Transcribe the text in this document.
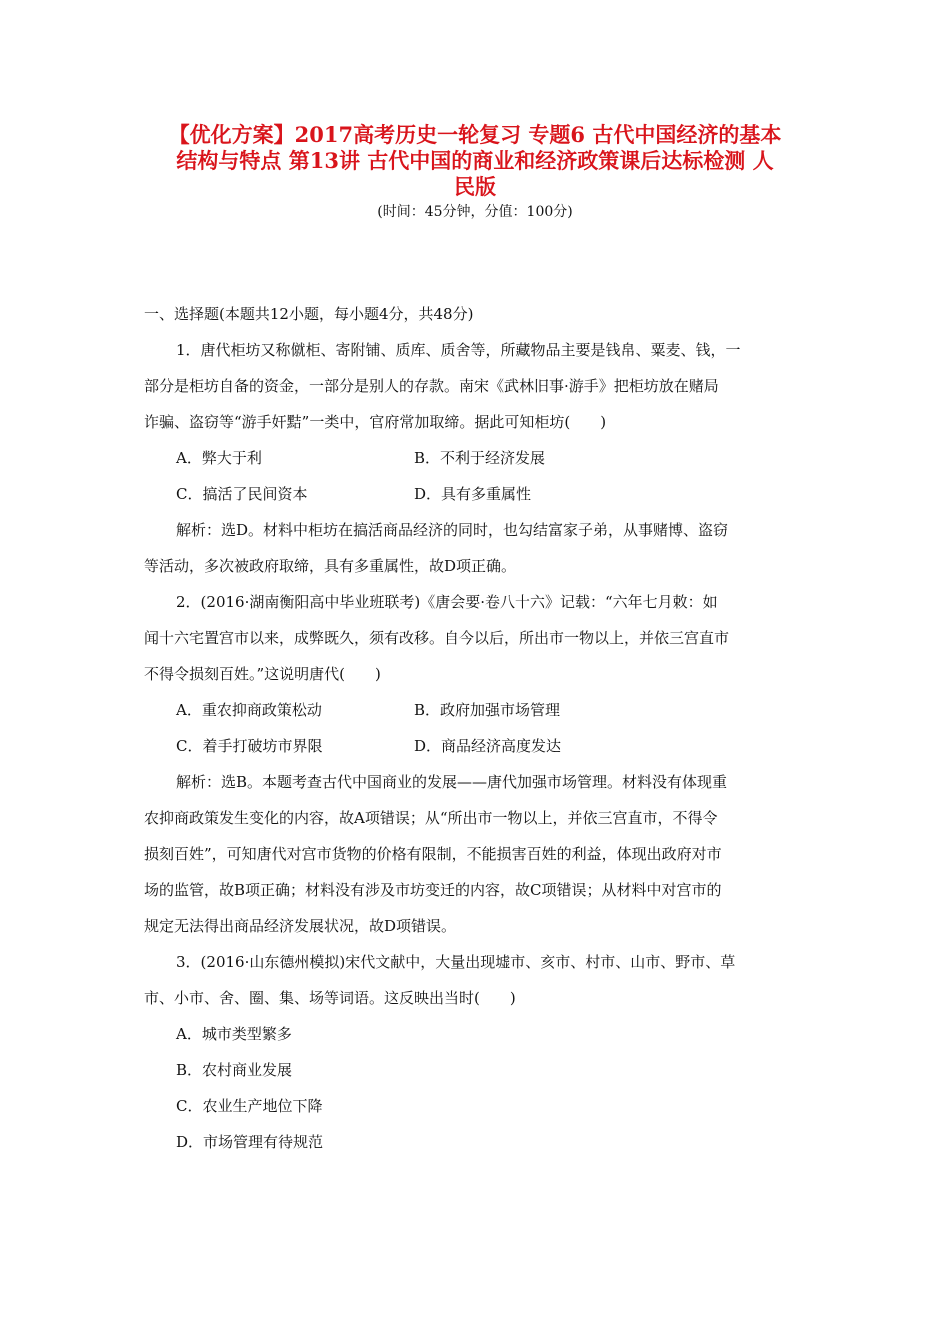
【优化方案】2017高考历史一轮复习 专题6 古代中国经济的基本
结构与特点 第13讲 古代中国的商业和经济政策课后达标检测 人
民版
(时间：45分钟，分值：100分)
一、选择题(本题共12小题，每小题4分，共48分)
1．唐代柜坊又称僦柜、寄附铺、质库、质舍等，所藏物品主要是钱帛、粟麦、钱，一
部分是柜坊自备的资金，一部分是别人的存款。南宋《武林旧事·游手》把柜坊放在赌局
诈骗、盗窃等“游手奸黠”一类中，官府常加取缔。据此可知柜坊(　　)
A．弊大于利	B．不利于经济发展
C．搞活了民间资本	D．具有多重属性
解析：选D。材料中柜坊在搞活商品经济的同时，也勾结富家子弟，从事赌博、盗窃
等活动，多次被政府取缔，具有多重属性，故D项正确。
2．(2016·湖南衡阳高中毕业班联考)《唐会要·卷八十六》记载：“六年七月敕：如
闻十六宅置宫市以来，成弊既久，须有改移。自今以后，所出市一物以上，并依三宫直市
不得令损刻百姓。”这说明唐代(　　)
A．重农抑商政策松动	B．政府加强市场管理
C．着手打破坊市界限	D．商品经济高度发达
解析：选B。本题考查古代中国商业的发展——唐代加强市场管理。材料没有体现重
农抑商政策发生变化的内容，故A项错误；从“所出市一物以上，并依三宫直市，不得令
损刻百姓”，可知唐代对宫市货物的价格有限制，不能损害百姓的利益，体现出政府对市
场的监管，故B项正确；材料没有涉及市坊变迁的内容，故C项错误；从材料中对宫市的
规定无法得出商品经济发展状况，故D项错误。
3．(2016·山东德州模拟)宋代文献中，大量出现墟市、亥市、村市、山市、野市、草
市、小市、舍、圈、集、场等词语。这反映出当时(　　)
A．城市类型繁多
B．农村商业发展
C．农业生产地位下降
D．市场管理有待规范
